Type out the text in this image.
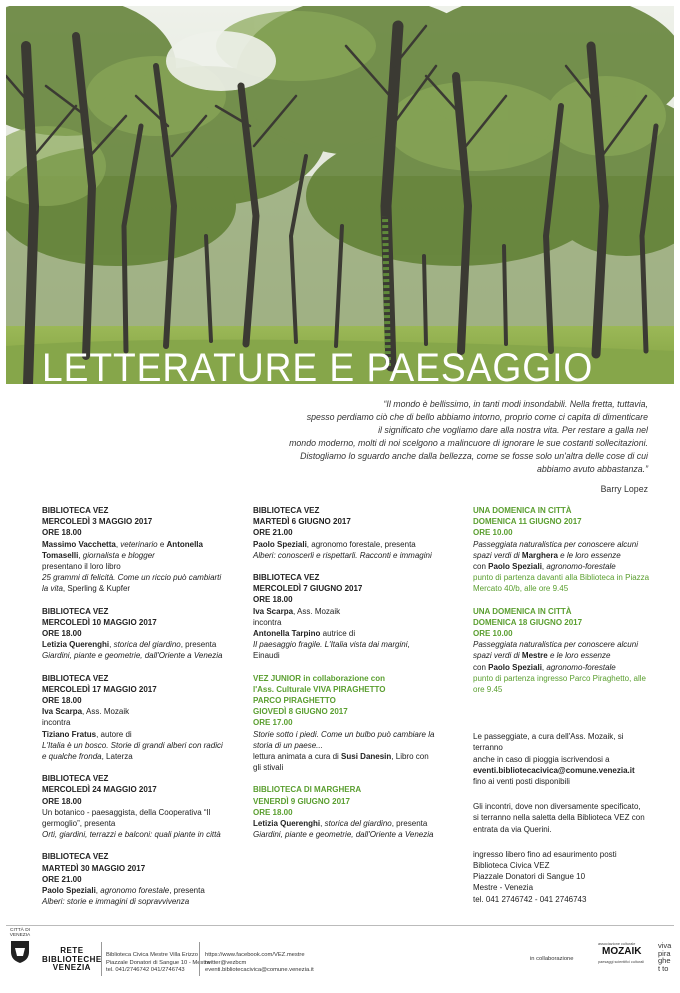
LETTERATURE E PAESAGGIO
“Il mondo è bellissimo, in tanti modi insondabili. Nella fretta, tuttavia,
spesso perdiamo ciò che di bello abbiamo intorno, proprio come ci capita di dimenticare
il significato che vogliamo dare alla nostra vita. Per restare a galla nel
mondo moderno, molti di noi scelgono a malincuore di ignorare le sue costanti sollecitazioni.
Distogliamo lo sguardo anche dalla bellezza, come se fosse solo un'altra delle cose di cui
abbiamo avuto abbastanza.”
Barry Lopez

BIBLIOTECA VEZ

MERCOLEDÌ 3 MAGGIO 2017

ORE 18.00

Massimo Vacchetta, veterinario e Antonella

Tomaselli, giornalista e blogger

presentano il loro libro

25 grammi di felicità. Come un riccio può cambiarti

la vita, Sperling & Kupfer

BIBLIOTECA VEZ

MERCOLEDÌ 10 MAGGIO 2017

ORE 18.00

Letizia Querenghi, storica del giardino, presenta

Giardini, piante e geometrie, dall'Oriente a Venezia

BIBLIOTECA VEZ

MERCOLEDÌ 17 MAGGIO 2017

ORE 18.00

Iva Scarpa, Ass. Mozaik

incontra

Tiziano Fratus, autore di

L'Italia è un bosco. Storie di grandi alberi con radici

e qualche fronda, Laterza

BIBLIOTECA VEZ

MERCOLEDÌ 24 MAGGIO 2017

ORE 18.00

Un botanico - paesaggista, della Cooperativa “Il

germoglio”, presenta

Orti, giardini, terrazzi e balconi: quali piante in città

BIBLIOTECA VEZ

MARTEDÌ 30 MAGGIO 2017

ORE 21.00

Paolo Speziali, agronomo forestale, presenta

Alberi: storie e immagini di sopravvivenza

BIBLIOTECA VEZ

MARTEDÌ 6 GIUGNO 2017

ORE 21.00

Paolo Speziali, agronomo forestale, presenta

Alberi: conoscerli e rispettarli. Racconti e immagini

BIBLIOTECA VEZ

MERCOLEDÌ 7 GIUGNO 2017

ORE 18.00

Iva Scarpa, Ass. Mozaik

incontra

Antonella Tarpino autrice di

Il paesaggio fragile. L'Italia vista dai margini,

Einaudi

VEZ JUNIOR in collaborazione con

l'Ass. Culturale VIVA PIRAGHETTO

PARCO PIRAGHETTO

GIOVEDÌ 8 GIUGNO 2017

ORE 17.00

Storie sotto i piedi. Come un bulbo può cambiare la

storia di un paese...

lettura animata a cura di Susi Danesin, Libro con

gli stivali

BIBLIOTECA DI MARGHERA

VENERDÌ 9 GIUGNO 2017

ORE 18.00

Letizia Querenghi, storica del giardino, presenta

Giardini, piante e geometrie, dall'Oriente a Venezia

UNA DOMENICA IN CITTÀ

DOMENICA 11 GIUGNO 2017

ORE 10.00

Passeggiata naturalistica per conoscere alcuni

spazi verdi di Marghera e le loro essenze

con Paolo Speziali, agronomo-forestale

punto di partenza davanti alla Biblioteca in Piazza

Mercato 40/b, alle ore 9.45

UNA DOMENICA IN CITTÀ

DOMENICA 18 GIUGNO 2017

ORE 10.00

Passeggiata naturalistica per conoscere alcuni

spazi verdi di Mestre e le loro essenze

con Paolo Speziali, agronomo-forestale

punto di partenza ingresso Parco Piraghetto, alle

ore 9.45

Le passeggiate, a cura dell'Ass. Mozaik, si terranno

anche in caso di pioggia iscrivendosi a

eventi.bibliotecacivica@comune.venezia.it

fino ai venti posti disponibili

Gli incontri, dove non diversamente specificato,

si terranno nella saletta della Biblioteca VEZ con

entrata da via Querini.

ingresso libero fino ad esaurimento posti

Biblioteca Civica VEZ

Piazzale Donatori di Sangue 10

Mestre - Venezia

tel. 041 2746742 - 041 2746743

CITTÀ DI VENEZIA
RETE
BIBLIOTECHE
VENEZIA
Biblioteca Civica Mestre Villa Erizzo
Piazzale Donatori di Sangue 10 - Mestre
tel. 041/2746742 041/2746743
https://www.facebook.com/VEZ.mestre
twitter@vezbcm
eventi.bibliotecacivica@comune.venezia.it
in collaborazione
associazione culturale
MOZAIK
paesaggi scientifici culturali
viva pira ghet to
